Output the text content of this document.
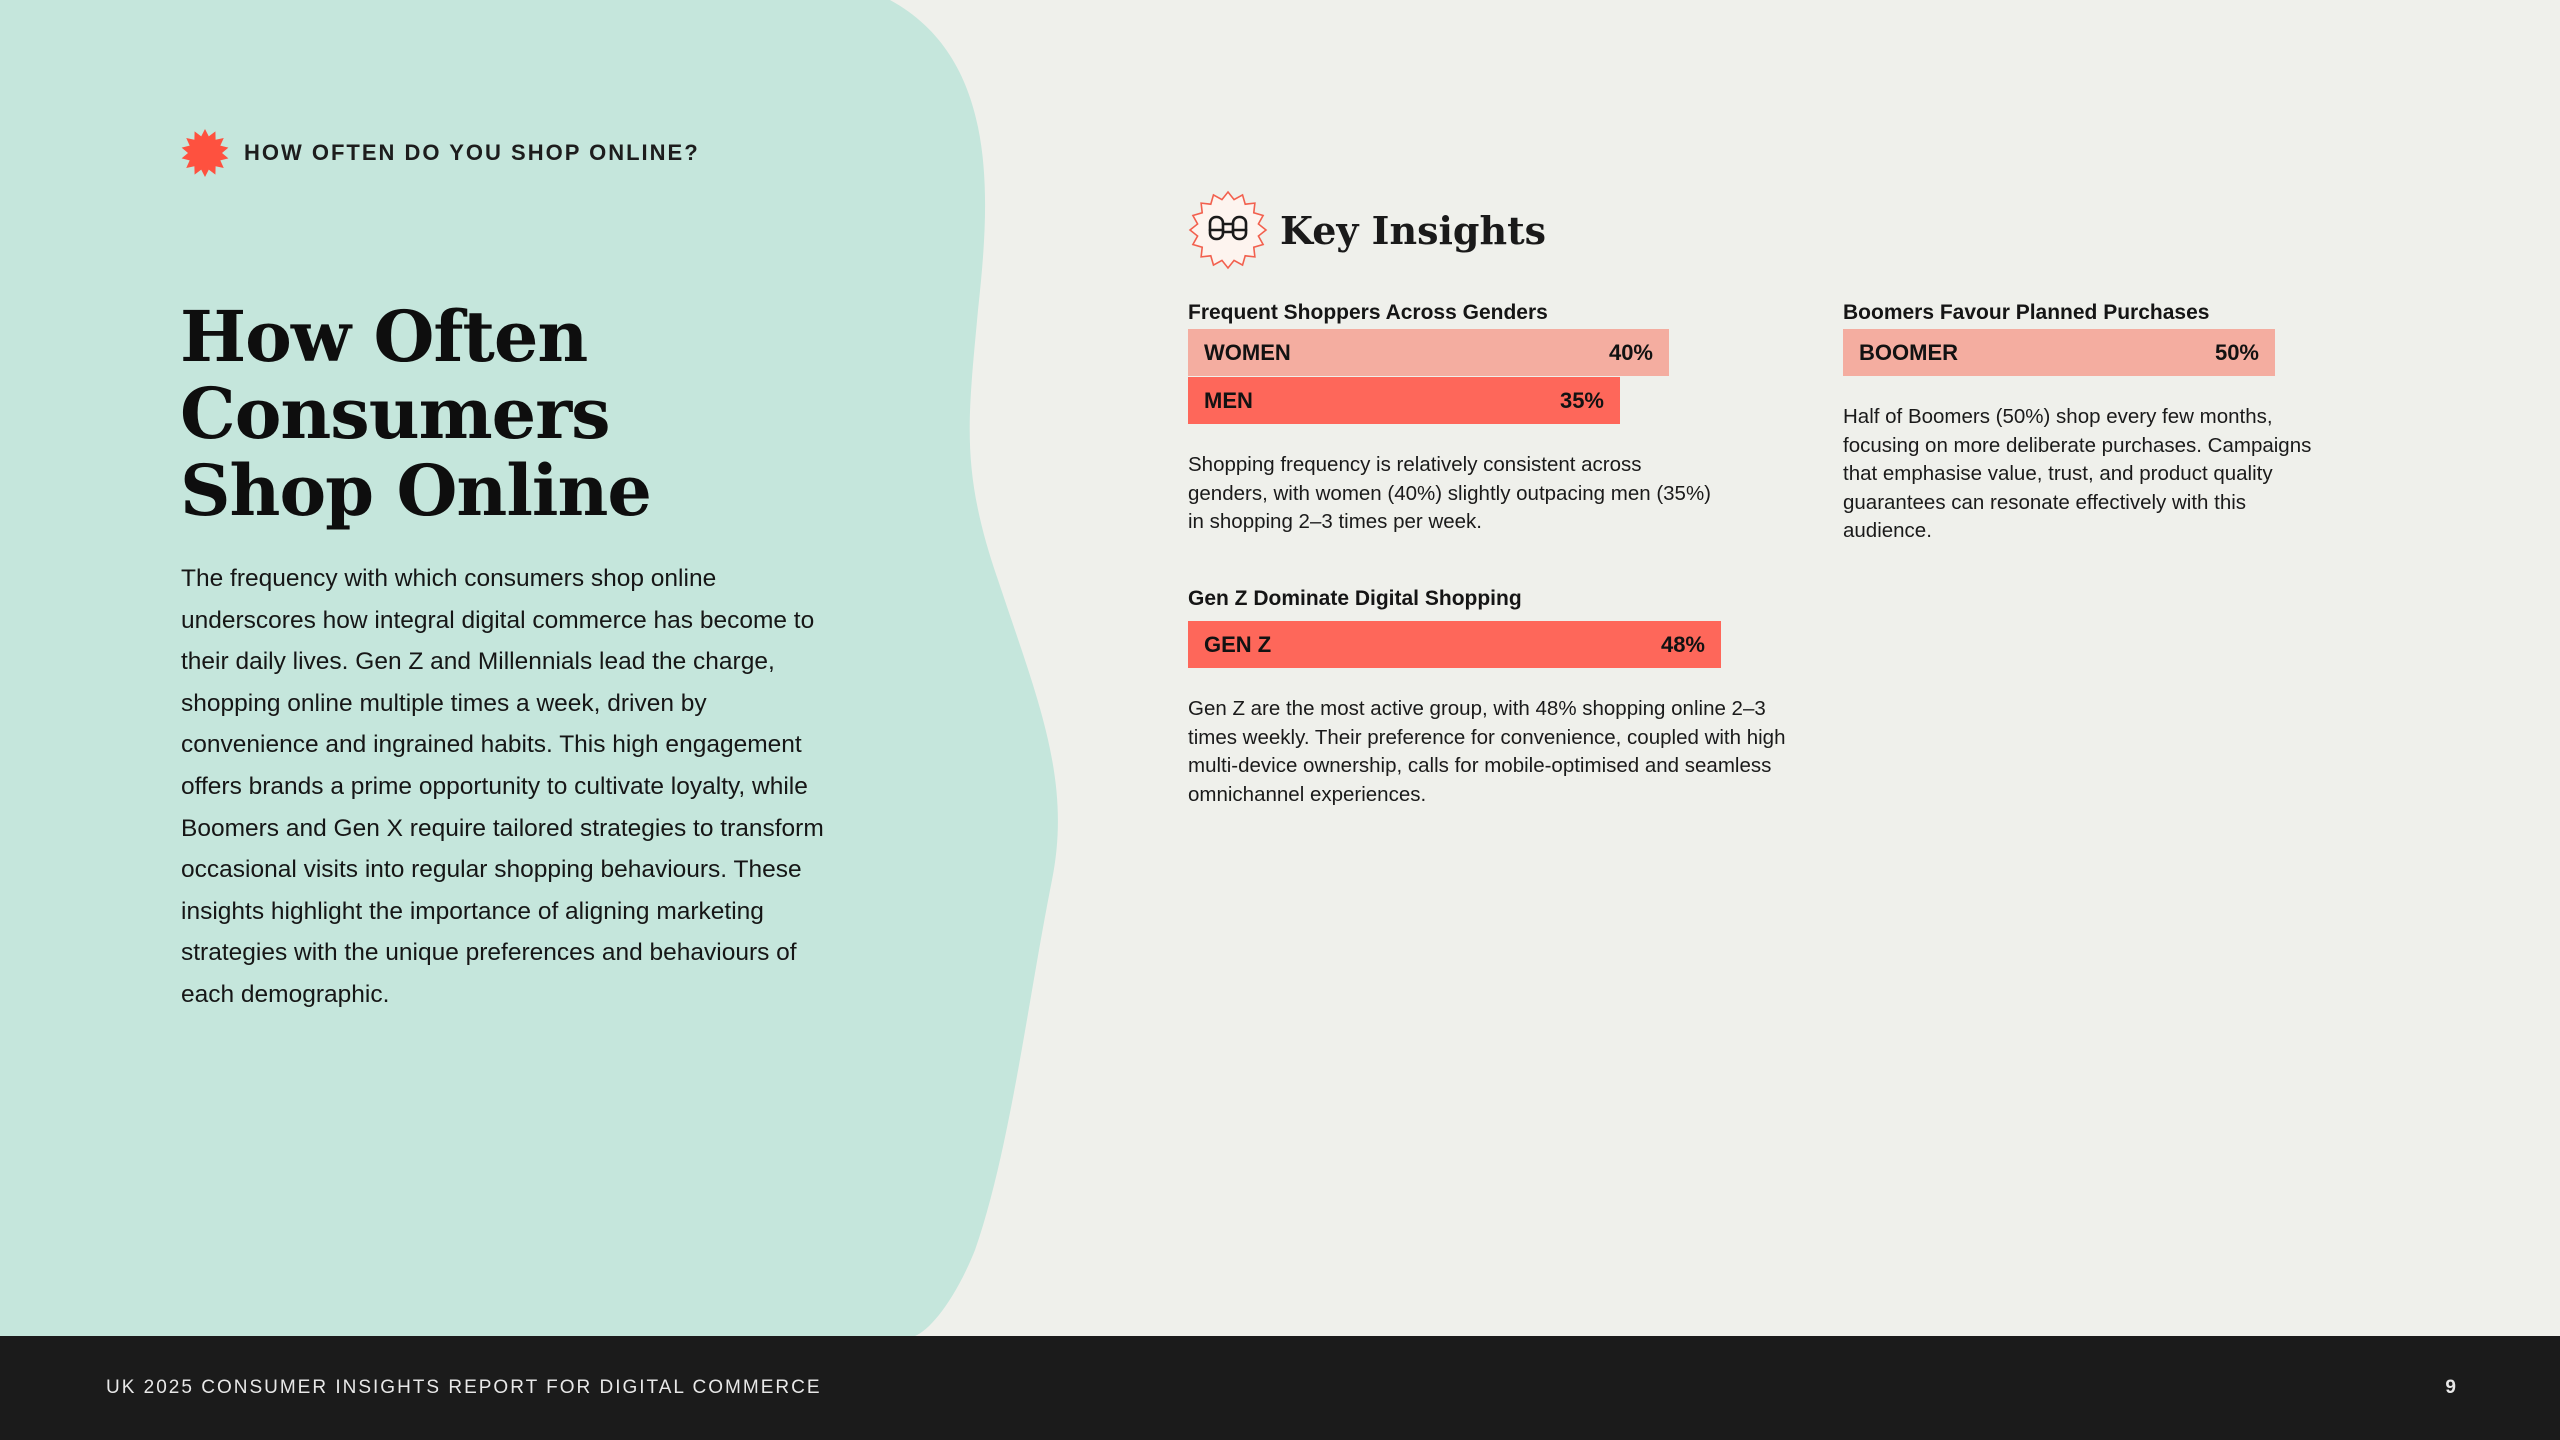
HOW OFTEN DO YOU SHOP ONLINE?
How Often
Consumers
Shop Online

The frequency with which consumers shop online underscores how integral digital commerce has become to their daily lives. Gen Z and Millennials lead the charge, shopping online multiple times a week, driven by convenience and ingrained habits. This high engagement offers brands a prime opportunity to cultivate loyalty, while Boomers and Gen X require tailored strategies to transform occasional visits into regular shopping behaviours. These insights highlight the importance of aligning marketing strategies with the unique preferences and behaviours of each demographic.

Key Insights
Frequent Shoppers Across Genders
WOMEN	40%
MEN	35%

Shopping frequency is relatively consistent across genders, with women (40%) slightly outpacing men (35%) in shopping 2–3 times per week.

Gen Z Dominate Digital Shopping
GEN Z	48%

Gen Z are the most active group, with 48% shopping online 2–3 times weekly. Their preference for convenience, coupled with high multi-device ownership, calls for mobile-optimised and seamless omnichannel experiences.

Boomers Favour Planned Purchases
BOOMER	50%

Half of Boomers (50%) shop every few months, focusing on more deliberate purchases. Campaigns that emphasise value, trust, and product quality guarantees can resonate effectively with this audience.

UK 2025 CONSUMER INSIGHTS REPORT FOR DIGITAL COMMERCE	9
